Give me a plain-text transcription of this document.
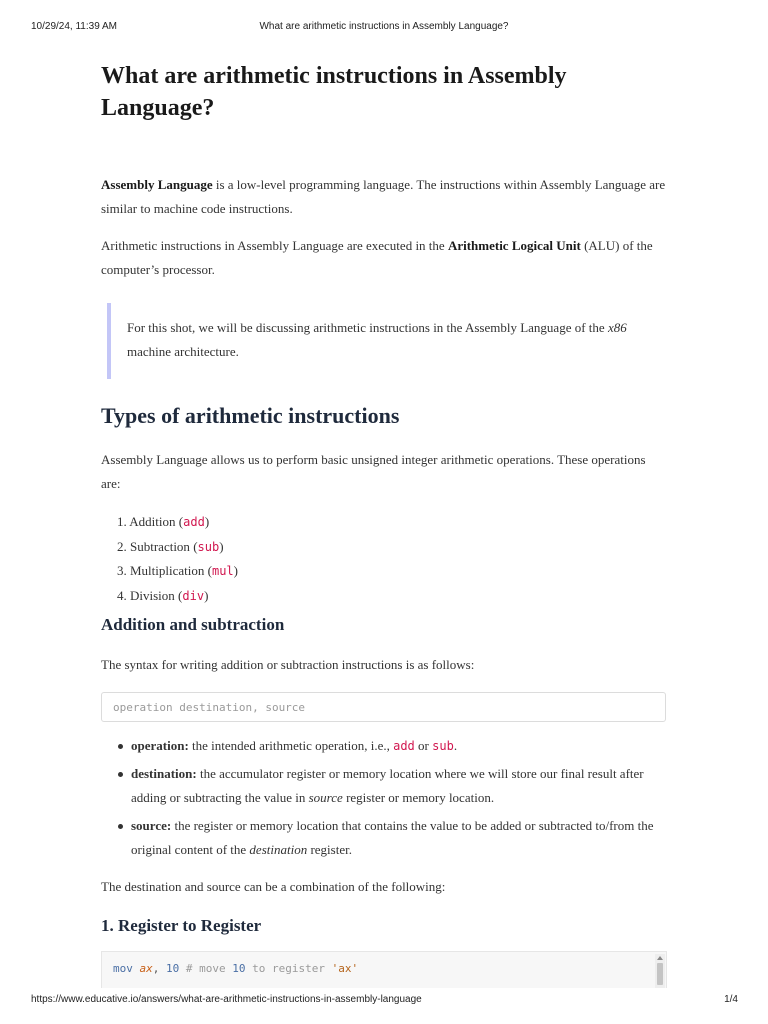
10/29/24, 11:39 AM	What are arithmetic instructions in Assembly Language?
What are arithmetic instructions in Assembly Language?

Assembly Language is a low-level programming language. The instructions within Assembly Language are similar to machine code instructions.

Arithmetic instructions in Assembly Language are executed in the Arithmetic Logical Unit (ALU) of the computer’s processor.

For this shot, we will be discussing arithmetic instructions in the Assembly Language of the x86 machine architecture.

Types of arithmetic instructions

Assembly Language allows us to perform basic unsigned integer arithmetic operations. These operations are:

1. Addition (add)
2. Subtraction (sub)
3. Multiplication (mul)
4. Division (div)
Addition and subtraction

The syntax for writing addition or subtraction instructions is as follows:

operation destination, source
operation: the intended arithmetic operation, i.e., add or sub.
destination: the accumulator register or memory location where we will store our final result after adding or subtracting the value in source register or memory location.
source: the register or memory location that contains the value to be added or subtracted to/from the original content of the destination register.

The destination and source can be a combination of the following:

1. Register to Register
mov ax, 10 # move 10 to register 'ax'
https://www.educative.io/answers/what-are-arithmetic-instructions-in-assembly-language	1/4
